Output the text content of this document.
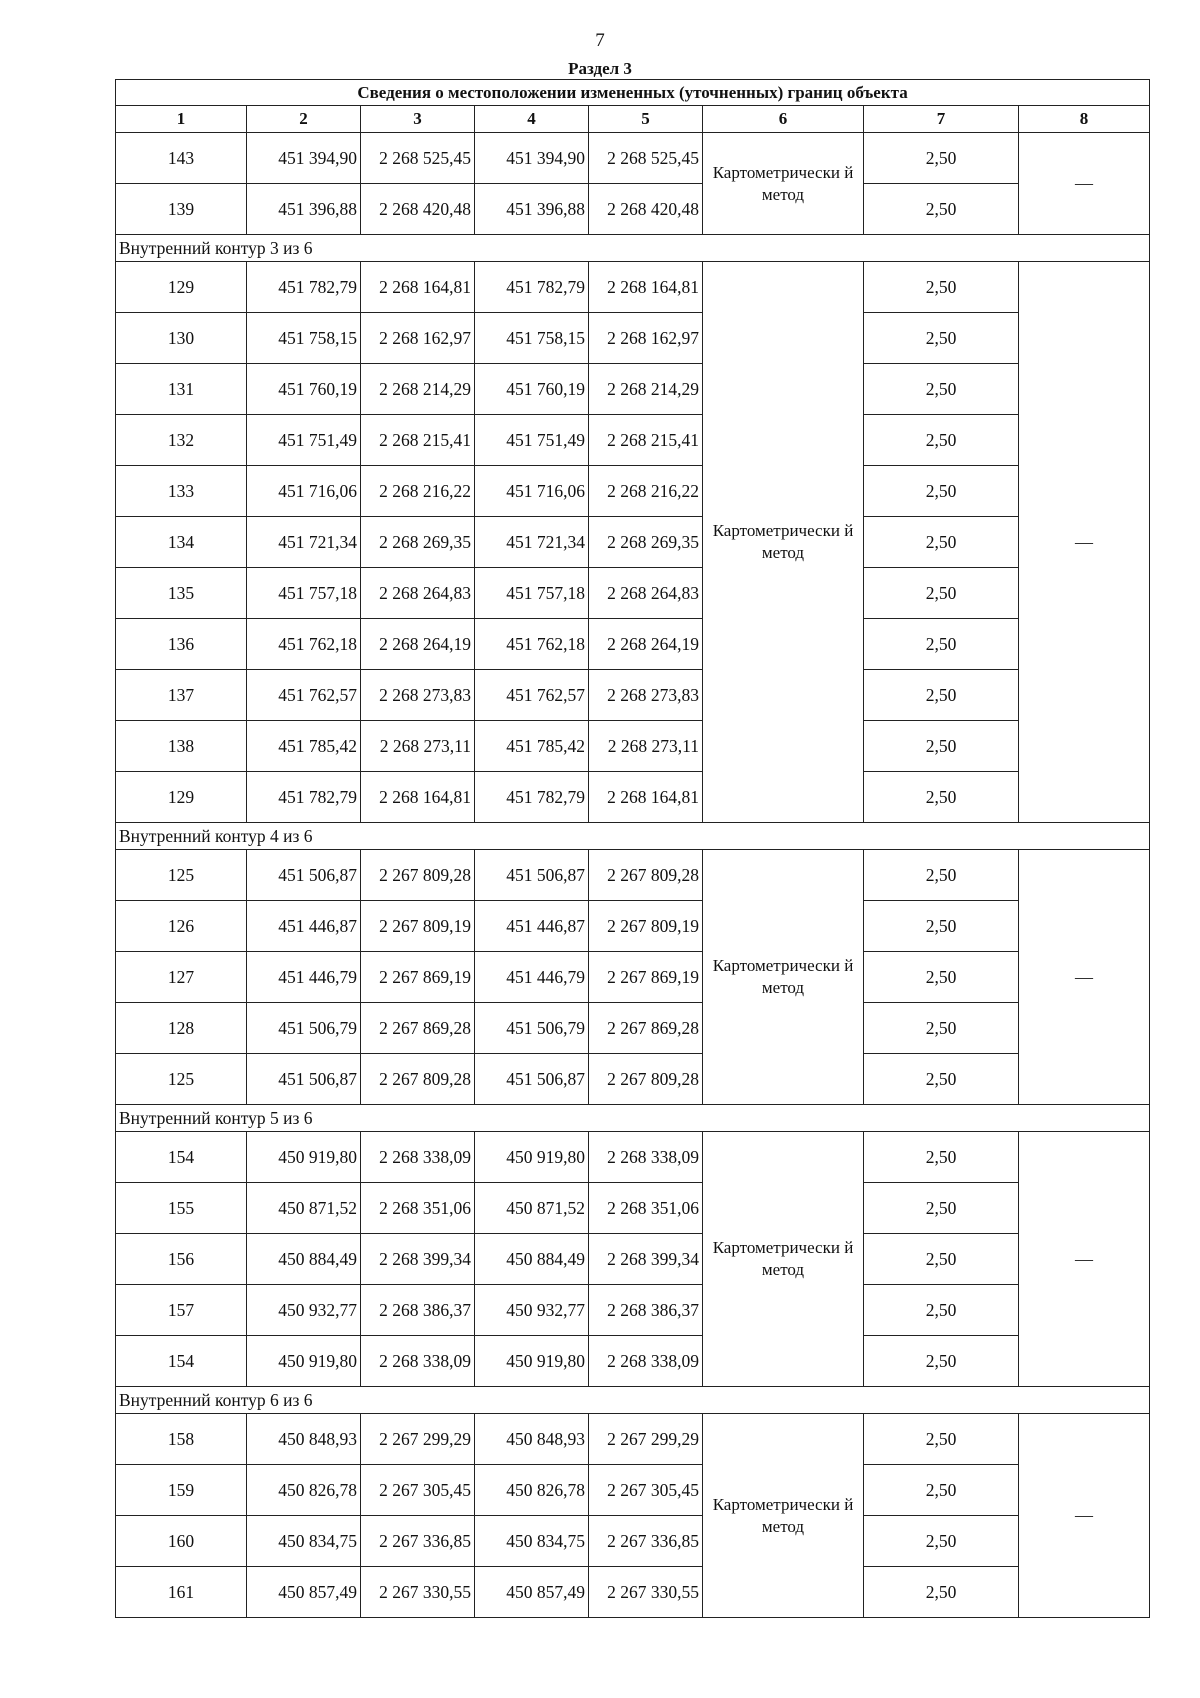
7
Раздел 3
Сведения о местоположении измененных (уточненных) границ объекта							
1	2	3	4	5	6	7	8
143	451 394,90	2 268 525,45	451 394,90	2 268 525,45	Картометрически й метод	2,50	—
139	451 396,88	2 268 420,48	451 396,88	2 268 420,48		2,50	
Внутренний контур 3 из 6							
129	451 782,79	2 268 164,81	451 782,79	2 268 164,81	Картометрически й метод	2,50	—
130	451 758,15	2 268 162,97	451 758,15	2 268 162,97		2,50	
131	451 760,19	2 268 214,29	451 760,19	2 268 214,29		2,50	
132	451 751,49	2 268 215,41	451 751,49	2 268 215,41		2,50	
133	451 716,06	2 268 216,22	451 716,06	2 268 216,22		2,50	
134	451 721,34	2 268 269,35	451 721,34	2 268 269,35		2,50	
135	451 757,18	2 268 264,83	451 757,18	2 268 264,83		2,50	
136	451 762,18	2 268 264,19	451 762,18	2 268 264,19		2,50	
137	451 762,57	2 268 273,83	451 762,57	2 268 273,83		2,50	
138	451 785,42	2 268 273,11	451 785,42	2 268 273,11		2,50	
129	451 782,79	2 268 164,81	451 782,79	2 268 164,81		2,50	
Внутренний контур 4 из 6							
125	451 506,87	2 267 809,28	451 506,87	2 267 809,28	Картометрически й метод	2,50	—
126	451 446,87	2 267 809,19	451 446,87	2 267 809,19		2,50	
127	451 446,79	2 267 869,19	451 446,79	2 267 869,19		2,50	
128	451 506,79	2 267 869,28	451 506,79	2 267 869,28		2,50	
125	451 506,87	2 267 809,28	451 506,87	2 267 809,28		2,50	
Внутренний контур 5 из 6							
154	450 919,80	2 268 338,09	450 919,80	2 268 338,09	Картометрически й метод	2,50	—
155	450 871,52	2 268 351,06	450 871,52	2 268 351,06		2,50	
156	450 884,49	2 268 399,34	450 884,49	2 268 399,34		2,50	
157	450 932,77	2 268 386,37	450 932,77	2 268 386,37		2,50	
154	450 919,80	2 268 338,09	450 919,80	2 268 338,09		2,50	
Внутренний контур 6 из 6							
158	450 848,93	2 267 299,29	450 848,93	2 267 299,29	Картометрически й метод	2,50	—
159	450 826,78	2 267 305,45	450 826,78	2 267 305,45		2,50	
160	450 834,75	2 267 336,85	450 834,75	2 267 336,85		2,50	
161	450 857,49	2 267 330,55	450 857,49	2 267 330,55		2,50	
